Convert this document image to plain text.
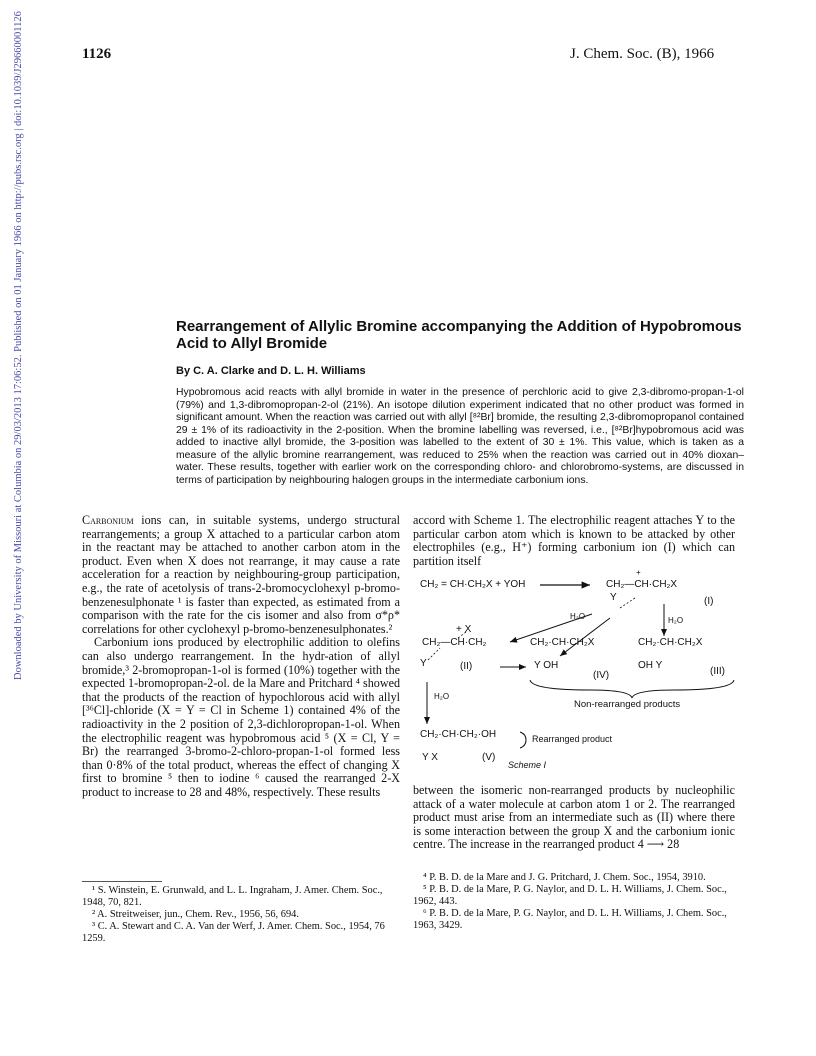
1126	J. Chem. Soc. (B), 1966
Downloaded by University of Missouri at Columbia on 29/03/2013 17:06:52. Published on 01 January 1966 on http://pubs.rsc.org | doi:10.1039/J29660001126	Rearrangement of Allylic Bromine accompanying the Addition of Hypobromous Acid to Allyl Bromide
By C. A. Clarke and D. L. H. Williams
Hypobromous acid reacts with allyl bromide in water in the presence of perchloric acid to give 2,3-dibromo-propan-1-ol (79%) and 1,3-dibromopropan-2-ol (21%). An isotope dilution experiment indicated that no other product was formed in significant amount. When the reaction was carried out with allyl [⁸²Br] bromide, the resulting 2,3-dibromopropanol contained 29 ± 1% of its radioactivity in the 2-position. When the bromine labelling was reversed, i.e., [⁸²Br]hypobromous acid was added to inactive allyl bromide, the 3-position was labelled to the extent of 30 ± 1%. This value, which is taken as a measure of the allylic bromine rearrangement, was reduced to 25% when the reaction was carried out in 40% dioxan–water. These results, together with earlier work on the corresponding chloro- and chlorobromo-systems, are discussed in terms of participation by neighbouring halogen groups in the intermediate carbonium ions.

Carbonium ions can, in suitable systems, undergo structural rearrangements; a group X attached to a particular carbon atom in the reactant may be attached to another carbon atom in the product. Even when X does not rearrange, it may cause a rate acceleration for a reaction by neighbouring-group participation, e.g., the rate of acetolysis of trans-2-bromocyclohexyl p-bromo-benzenesulphonate ¹ is faster than expected, as estimated from a comparison with the rate for the cis isomer and also from σ*ρ* correlations for other cyclohexyl p-bromo-benzenesulphonates.²

Carbonium ions produced by electrophilic addition to olefins can also undergo rearrangement. In the hydr-ation of allyl bromide,³ 2-bromopropan-1-ol is formed (10%) together with the expected 1-bromopropan-2-ol. de la Mare and Pritchard ⁴ showed that the products of the reaction of hypochlorous acid with allyl [³⁶Cl]-chloride (X = Y = Cl in Scheme 1) contained 4% of the radioactivity in the 2 position of 2,3-dichloropropan-1-ol. When the electrophilic reagent was hypobromous acid ⁵ (X = Cl, Y = Br) the rearranged 3-bromo-2-chloro-propan-1-ol formed less than 0·8% of the total product, whereas the effect of changing X first to bromine ⁵ then to iodine ⁶ caused the rearranged 2-X product to increase to 28 and 48%, respectively. These results

accord with Scheme 1. The electrophilic reagent attaches Y to the particular carbon atom which is known to be attacked by other electrophiles (e.g., H⁺) forming carbonium ion (I) which can partition itself

CH₂ = CH·CH₂X + YOH
+
CH₂—CH·CH₂X
Y	(I)
H₂O	H₂O
+ X
CH₂—CH·CH₂
Y	(II)
CH₂·CH·CH₂X
Y OH
(IV)
CH₂·CH·CH₂X
OH Y
(III)
Non-rearranged products
H₂O
CH₂·CH·CH₂·OH
Y X	(V)
Rearranged product
Scheme I

between the isomeric non-rearranged products by nucleophilic attack of a water molecule at carbon atom 1 or 2. The rearranged product must arise from an intermediate such as (II) where there is some interaction between the group X and the carbonium ionic centre. The increase in the rearranged product 4 ⟶ 28

¹ S. Winstein, E. Grunwald, and L. L. Ingraham, J. Amer. Chem. Soc., 1948, 70, 821.

² A. Streitweiser, jun., Chem. Rev., 1956, 56, 694.

³ C. A. Stewart and C. A. Van der Werf, J. Amer. Chem. Soc., 1954, 76 1259.

⁴ P. B. D. de la Mare and J. G. Pritchard, J. Chem. Soc., 1954, 3910.

⁵ P. B. D. de la Mare, P. G. Naylor, and D. L. H. Williams, J. Chem. Soc., 1962, 443.

⁶ P. B. D. de la Mare, P. G. Naylor, and D. L. H. Williams, J. Chem. Soc., 1963, 3429.
